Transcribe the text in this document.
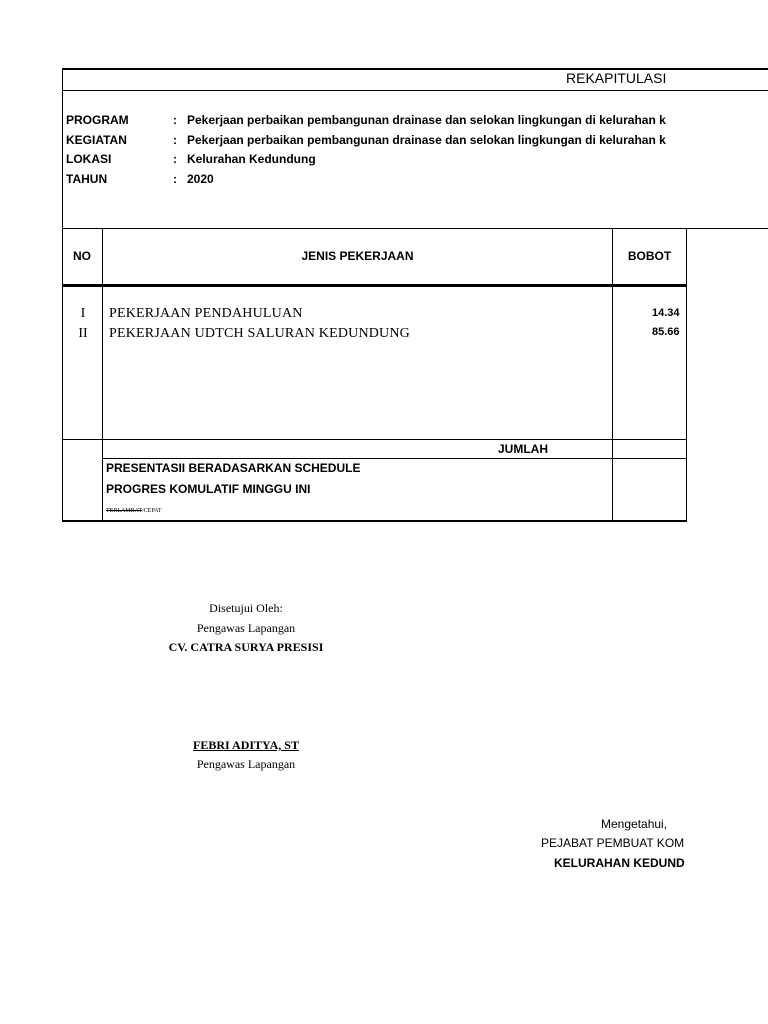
REKAPITULASI
PROGRAM	: Pekerjaan perbaikan pembangunan drainase dan selokan lingkungan di kelurahan k
KEGIATAN	: Pekerjaan perbaikan pembangunan drainase dan selokan lingkungan di kelurahan k
LOKASI	: Kelurahan Kedundung
TAHUN	: 2020
NO	JENIS PEKERJAAN	BOBOT
I	PEKERJAAN PENDAHULUAN	14.34
II	PEKERJAAN UDTCH SALURAN KEDUNDUNG	85.66
JUMLAH
PRESENTASII BERADASARKAN SCHEDULE
PROGRES KOMULATIF MINGGU INI
TERLAMBAT/CEPAT
Disetujui Oleh:
Pengawas Lapangan
CV. CATRA SURYA PRESISI
FEBRI ADITYA, ST
Pengawas Lapangan
Mengetahui,
PEJABAT PEMBUAT KOM
KELURAHAN KEDUND
